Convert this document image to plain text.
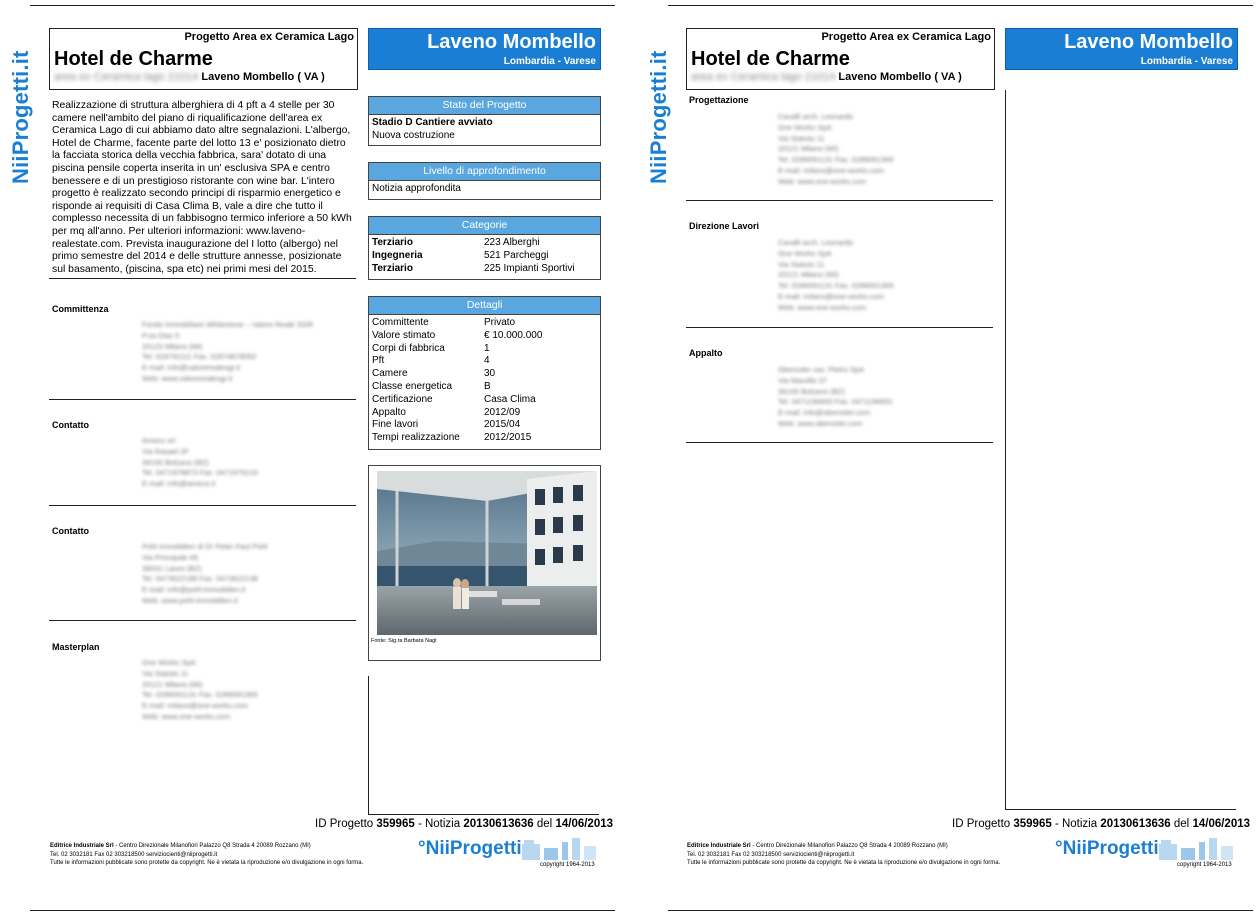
NiiProgetti.it
Progetto Area ex Ceramica Lago
Hotel de Charme
area ex Ceramica lago 21014 Laveno Mombello ( VA )
Laveno Mombello
Lombardia - Varese
Realizzazione di struttura alberghiera di 4 pft a 4 stelle per 30 camere nell'ambito del piano di riqualificazione dell'area ex Ceramica Lago di cui abbiamo dato altre segnalazioni. L'albergo, Hotel de Charme, facente parte del lotto 13 e' posizionato dietro la facciata storica della vecchia fabbrica, sara' dotato di una piscina pensile coperta inserita in un' esclusiva SPA e centro benessere e di un prestigioso ristorante con wine bar. L'intero progetto è realizzato secondo principi di risparmio energetico e risponde ai requisiti di Casa Clima B, vale a dire che tutto il complesso necessita di un fabbisogno termico inferiore a 50 kWh per mq all'anno. Per ulteriori informazioni: www.laveno-realestate.com. Prevista inaugurazione del I lotto (albergo) nel primo semestre del 2014 e delle strutture annesse, posizionate sul basamento, (piscina, spa etc) nei primi mesi del 2015.
Committenza
Fondo Immobiliare Whitestone – Valore Reale SGR
P.za Diaz 5
20123 Milano (MI)
Tel. 028791111 Fax. 02874878050
E-mail: info@valorerealesgr.it
Web: www.valorerealesgr.it
Contatto
Ameco srl
Via Rasael 2F
39100 Bolzano (BZ)
Tel. 0471978873 Fax. 0471975216
E-mail: info@ameco.it
Contatto
Pohl Immobilien di Dr Peter Paul Pohl
Via Principale 66
39031 Laces (BZ)
Tel. 0473622188 Fax. 0473622138
E-mail: info@pohl-immobilien.it
Web: www.pohl-immobilien.it
Masterplan
One Works SpA
Via Statuto 11
20121 Milano (MI)
Tel. 0289091131 Fax. 0289091369
E-mail: milano@one-works.com
Web: www.one-works.com
Stato del Progetto
Stadio D Cantiere avviato
Nuova costruzione
Livello di approfondimento
Notizia approfondita
Categorie
Terziario	223 Alberghi
Ingegneria	521 Parcheggi
Terziario	225 Impianti Sportivi
Dettagli
Committente	Privato
Valore stimato	€ 10.000.000
Corpi di fabbrica	1
Pft	4
Camere	30
Classe energetica	B
Certificazione	Casa Clima
Appalto	2012/09
Fine lavori	2015/04
Tempi realizzazione	2012/2015
Fonte: Sig.ra Barbara Nagl
ID Progetto 359965 - Notizia 20130613636 del 14/06/2013
Editrice Industriale Srl - Centro Direzionale Milanofiori Palazzo Q8 Strada 4 20089 Rozzano (MI)
Tel. 02 3032181 Fax 02 303218500 serviziocienti@niiprogetti.it
Tutte le informazioni pubblicate sono protette da copyright. Ne è vietata la riproduzione e/o divulgazione in ogni forma.
°NiiProgetti
copyright 1964-2013
NiiProgetti.it
Progetto Area ex Ceramica Lago
Hotel de Charme
area ex Ceramica lago 21014 Laveno Mombello ( VA )
Laveno Mombello
Lombardia - Varese
Progettazione
Cavalli arch. Leonardo
One Works SpA
Via Statuto 11
20121 Milano (MI)
Tel. 0289091131 Fax. 0289091369
E-mail: milano@one-works.com
Web: www.one-works.com
Direzione Lavori
Cavalli arch. Leonardo
One Works SpA
Via Statuto 11
20121 Milano (MI)
Tel. 0289091131 Fax. 0289091369
E-mail: milano@one-works.com
Web: www.one-works.com
Appalto
Oberosler cav. Pietro SpA
Via Macello 37
39100 Bolzano (BZ)
Tel. 0471196600 Fax. 0471196691
E-mail: info@oberosler.com
Web: www.oberosler.com
ID Progetto 359965 - Notizia 20130613636 del 14/06/2013
Editrice Industriale Srl - Centro Direzionale Milanofiori Palazzo Q8 Strada 4 20089 Rozzano (MI)
Tel. 02 3032181 Fax 02 303218500 serviziocienti@niiprogetti.it
Tutte le informazioni pubblicate sono protette da copyright. Ne è vietata la riproduzione e/o divulgazione in ogni forma.
°NiiProgetti
copyright 1964-2013
